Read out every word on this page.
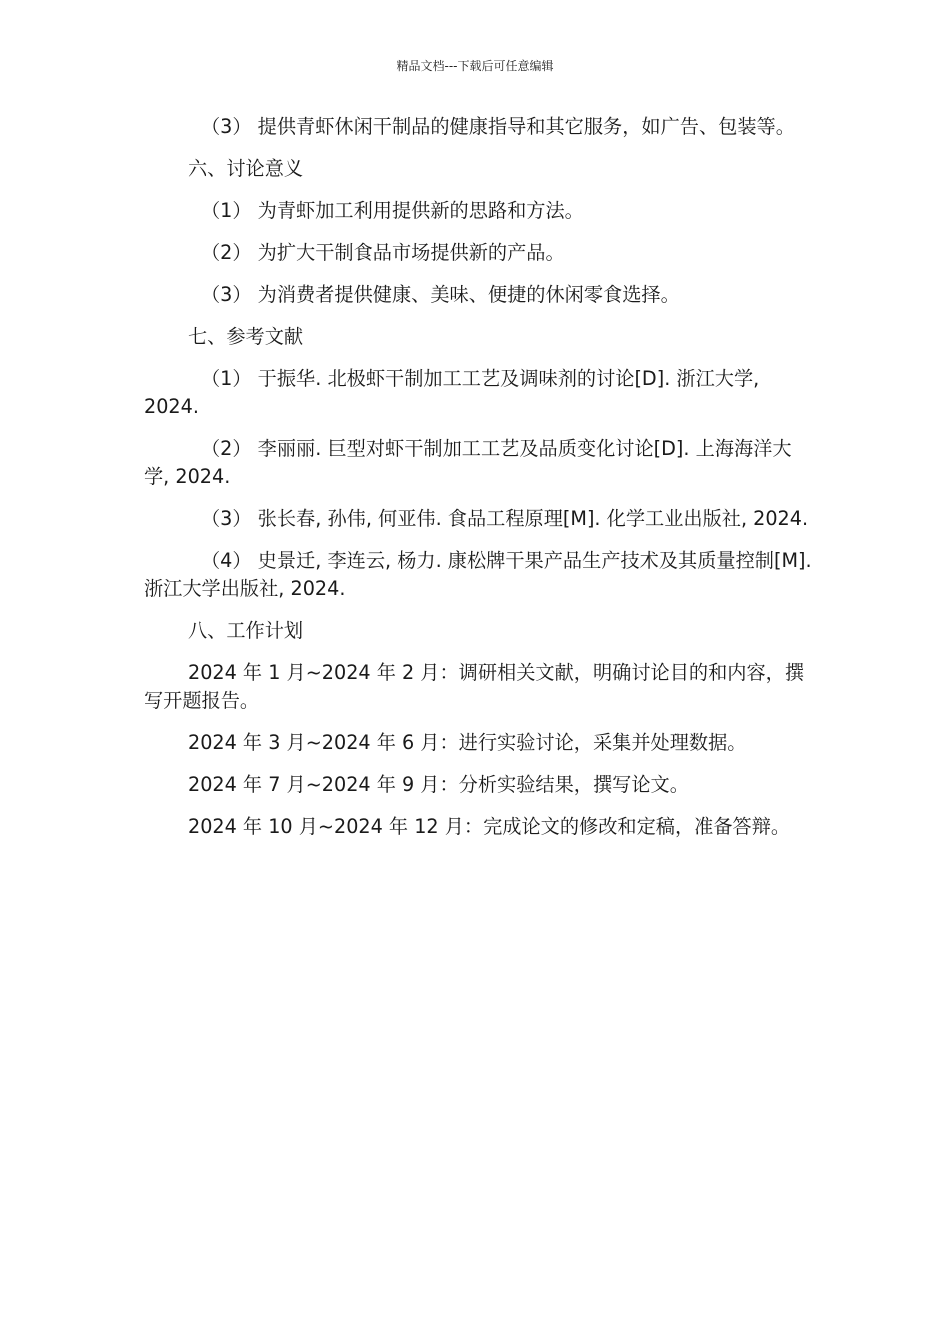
精品文档---下载后可任意编辑

（3） 提供青虾休闲干制品的健康指导和其它服务，如广告、包装等。

六、讨论意义

（1） 为青虾加工利用提供新的思路和方法。

（2） 为扩大干制食品市场提供新的产品。

（3） 为消费者提供健康、美味、便捷的休闲零食选择。

七、参考文献

（1） 于振华. 北极虾干制加工工艺及调味剂的讨论[D]. 浙江大学, 2024.

（2） 李丽丽. 巨型对虾干制加工工艺及品质变化讨论[D]. 上海海洋大学, 2024.

（3） 张长春, 孙伟, 何亚伟. 食品工程原理[M]. 化学工业出版社, 2024.

（4） 史景迁, 李连云, 杨力. 康松牌干果产品生产技术及其质量控制[M]. 浙江大学出版社, 2024.

八、工作计划

2024 年 1 月~2024 年 2 月：调研相关文献，明确讨论目的和内容，撰写开题报告。

2024 年 3 月~2024 年 6 月：进行实验讨论，采集并处理数据。

2024 年 7 月~2024 年 9 月：分析实验结果，撰写论文。

2024 年 10 月~2024 年 12 月：完成论文的修改和定稿，准备答辩。
